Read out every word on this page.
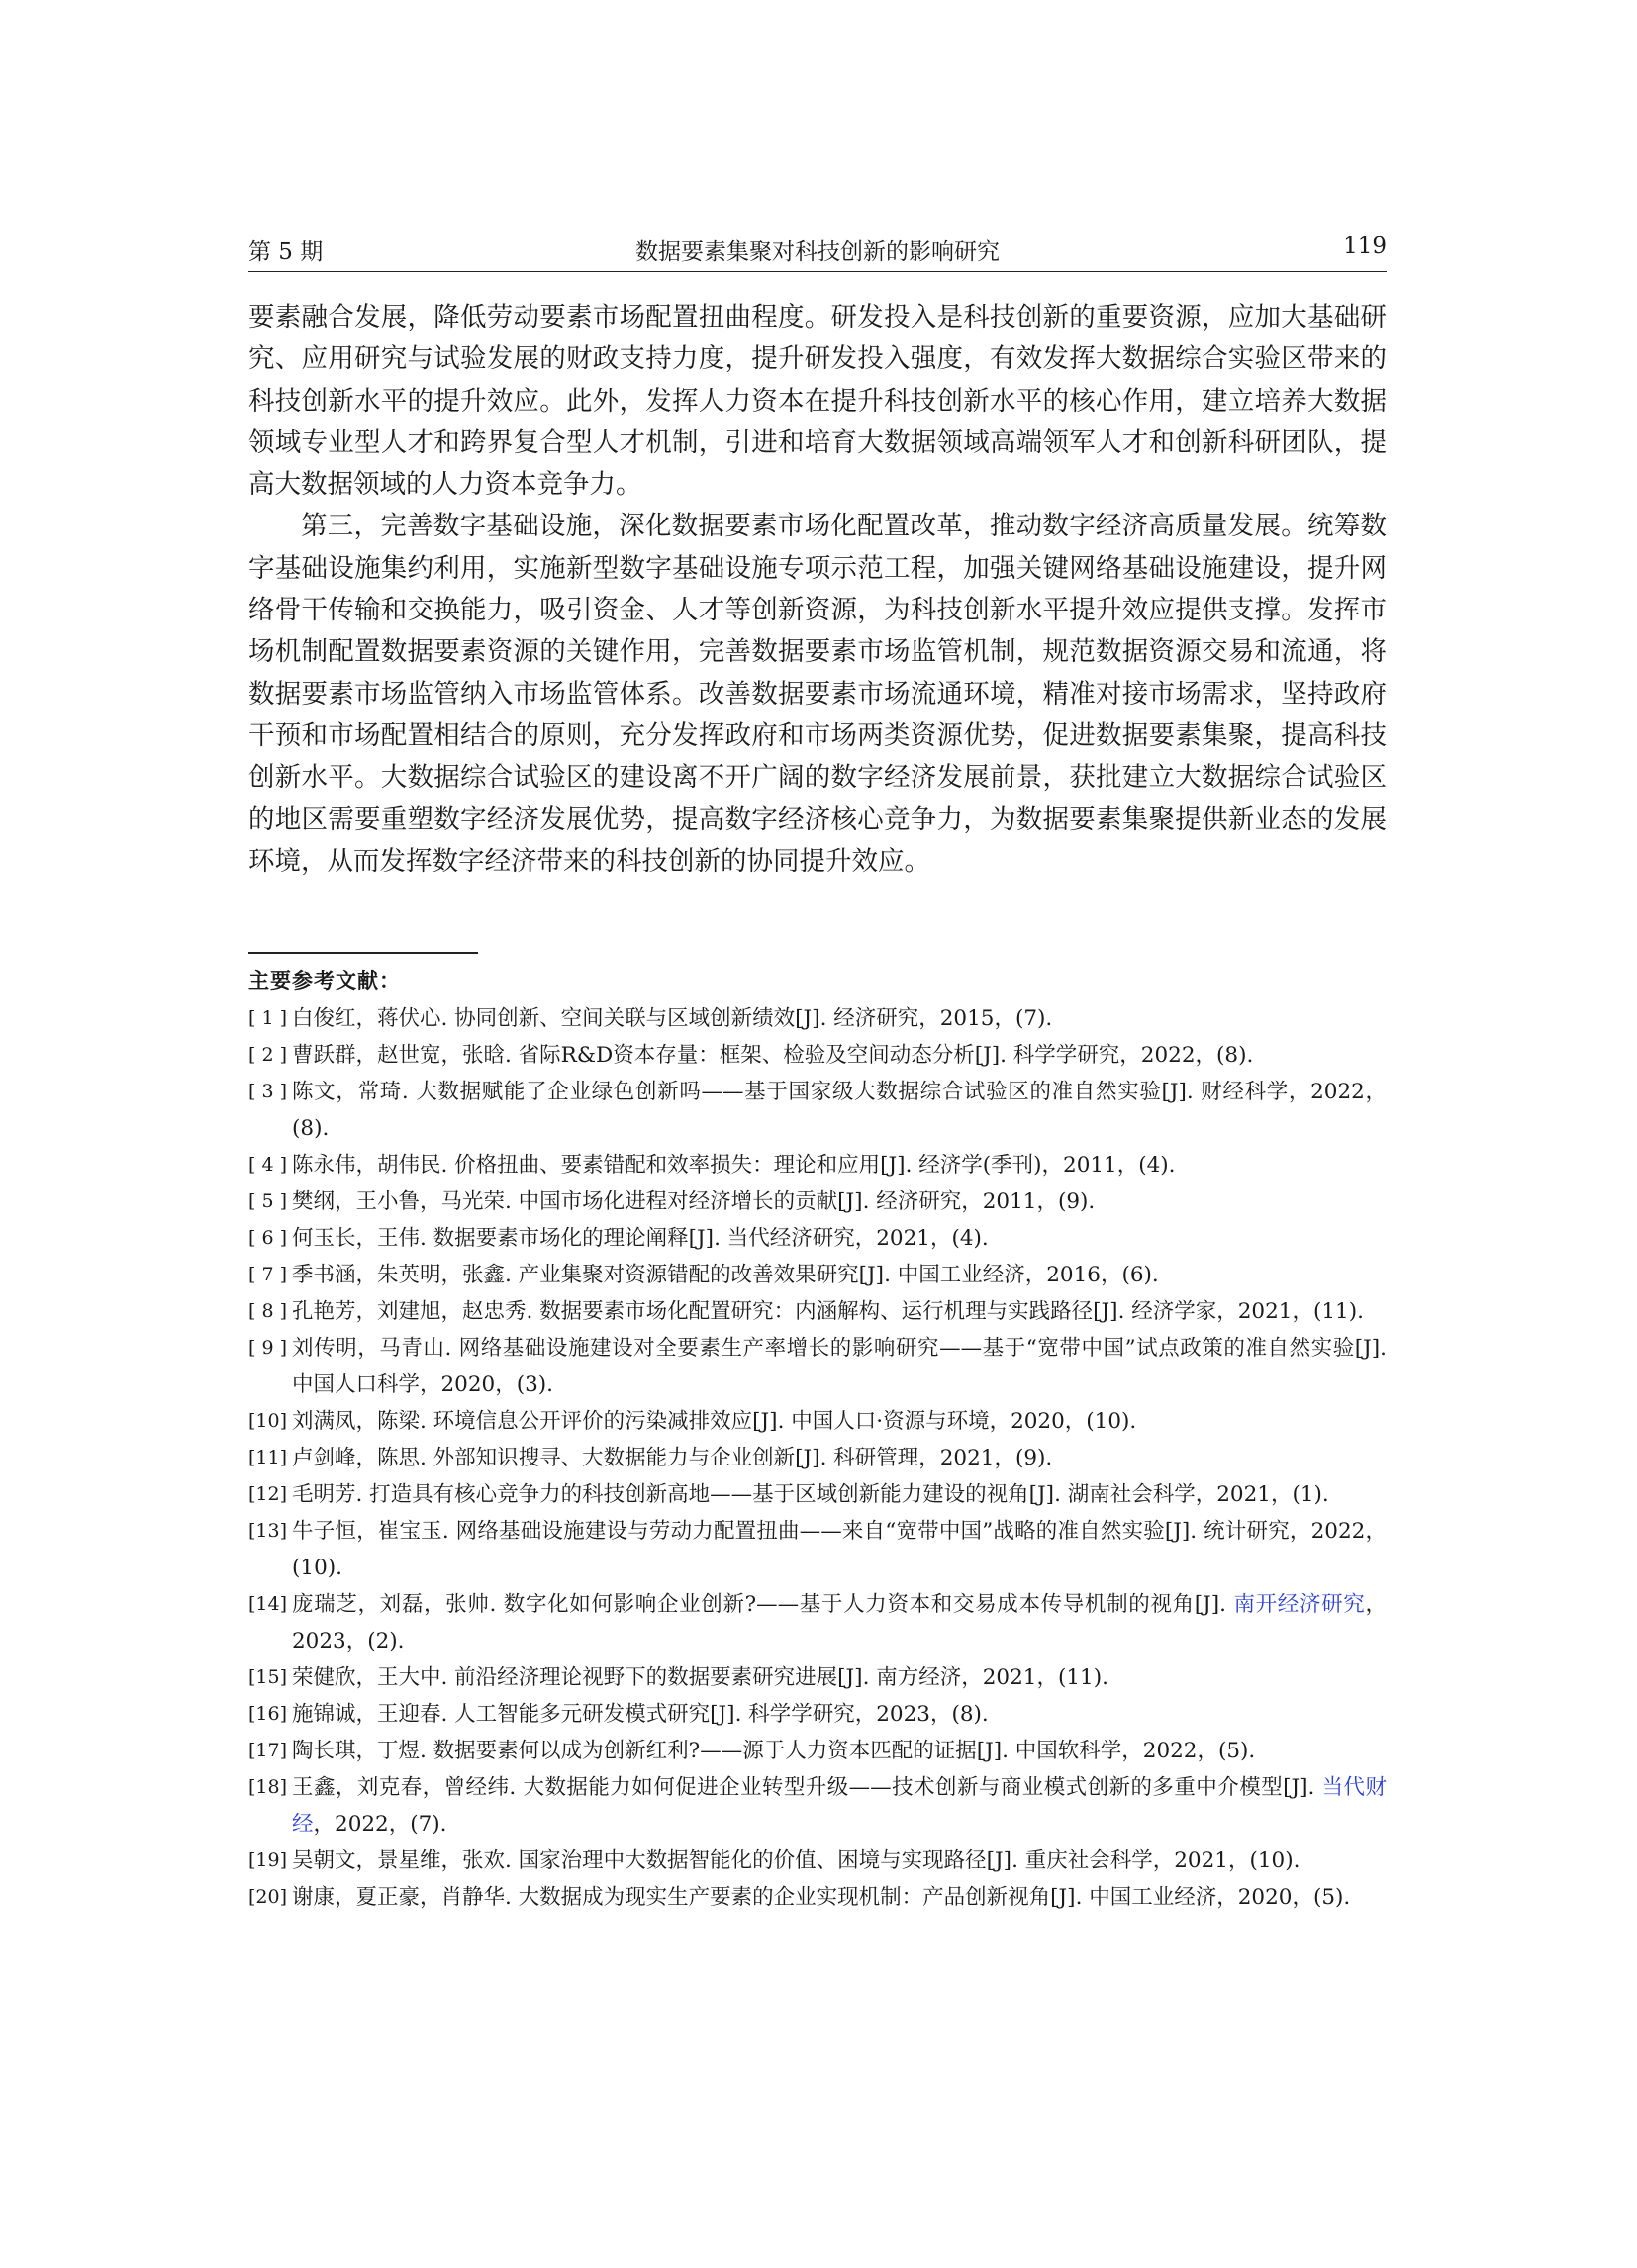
第 5 期	数据要素集聚对科技创新的影响研究	119

要素融合发展，降低劳动要素市场配置扭曲程度。研发投入是科技创新的重要资源，应加大基础研究、应用研究与试验发展的财政支持力度，提升研发投入强度，有效发挥大数据综合实验区带来的科技创新水平的提升效应。此外，发挥人力资本在提升科技创新水平的核心作用，建立培养大数据领域专业型人才和跨界复合型人才机制，引进和培育大数据领域高端领军人才和创新科研团队，提高大数据领域的人力资本竞争力。

第三，完善数字基础设施，深化数据要素市场化配置改革，推动数字经济高质量发展。统筹数字基础设施集约利用，实施新型数字基础设施专项示范工程，加强关键网络基础设施建设，提升网络骨干传输和交换能力，吸引资金、人才等创新资源，为科技创新水平提升效应提供支撑。发挥市场机制配置数据要素资源的关键作用，完善数据要素市场监管机制，规范数据资源交易和流通，将数据要素市场监管纳入市场监管体系。改善数据要素市场流通环境，精准对接市场需求，坚持政府干预和市场配置相结合的原则，充分发挥政府和市场两类资源优势，促进数据要素集聚，提高科技创新水平。大数据综合试验区的建设离不开广阔的数字经济发展前景，获批建立大数据综合试验区的地区需要重塑数字经济发展优势，提高数字经济核心竞争力，为数据要素集聚提供新业态的发展环境，从而发挥数字经济带来的科技创新的协同提升效应。

主要参考文献：
[ 1 ] 白俊红，蒋伏心. 协同创新、空间关联与区域创新绩效[J]. 经济研究，2015，(7).
[ 2 ] 曹跃群，赵世宽，张晗. 省际R&D资本存量：框架、检验及空间动态分析[J]. 科学学研究，2022，(8).
[ 3 ] 陈文，常琦. 大数据赋能了企业绿色创新吗——基于国家级大数据综合试验区的准自然实验[J]. 财经科学，2022，(8).
[ 4 ] 陈永伟，胡伟民. 价格扭曲、要素错配和效率损失：理论和应用[J]. 经济学(季刊)，2011，(4).
[ 5 ] 樊纲，王小鲁，马光荣. 中国市场化进程对经济增长的贡献[J]. 经济研究，2011，(9).
[ 6 ] 何玉长，王伟. 数据要素市场化的理论阐释[J]. 当代经济研究，2021，(4).
[ 7 ] 季书涵，朱英明，张鑫. 产业集聚对资源错配的改善效果研究[J]. 中国工业经济，2016，(6).
[ 8 ] 孔艳芳，刘建旭，赵忠秀. 数据要素市场化配置研究：内涵解构、运行机理与实践路径[J]. 经济学家，2021，(11).
[ 9 ] 刘传明，马青山. 网络基础设施建设对全要素生产率增长的影响研究——基于“宽带中国”试点政策的准自然实验[J]. 中国人口科学，2020，(3).
[10] 刘满凤，陈梁. 环境信息公开评价的污染减排效应[J]. 中国人口·资源与环境，2020，(10).
[11] 卢剑峰，陈思. 外部知识搜寻、大数据能力与企业创新[J]. 科研管理，2021，(9).
[12] 毛明芳. 打造具有核心竞争力的科技创新高地——基于区域创新能力建设的视角[J]. 湖南社会科学，2021，(1).
[13] 牛子恒，崔宝玉. 网络基础设施建设与劳动力配置扭曲——来自“宽带中国”战略的准自然实验[J]. 统计研究，2022，(10).
[14] 庞瑞芝，刘磊，张帅. 数字化如何影响企业创新?——基于人力资本和交易成本传导机制的视角[J]. 南开经济研究，2023，(2).
[15] 荣健欣，王大中. 前沿经济理论视野下的数据要素研究进展[J]. 南方经济，2021，(11).
[16] 施锦诚，王迎春. 人工智能多元研发模式研究[J]. 科学学研究，2023，(8).
[17] 陶长琪，丁煜. 数据要素何以成为创新红利?——源于人力资本匹配的证据[J]. 中国软科学，2022，(5).
[18] 王鑫，刘克春，曾经纬. 大数据能力如何促进企业转型升级——技术创新与商业模式创新的多重中介模型[J]. 当代财经，2022，(7).
[19] 吴朝文，景星维，张欢. 国家治理中大数据智能化的价值、困境与实现路径[J]. 重庆社会科学，2021，(10).
[20] 谢康，夏正豪，肖静华. 大数据成为现实生产要素的企业实现机制：产品创新视角[J]. 中国工业经济，2020，(5).
